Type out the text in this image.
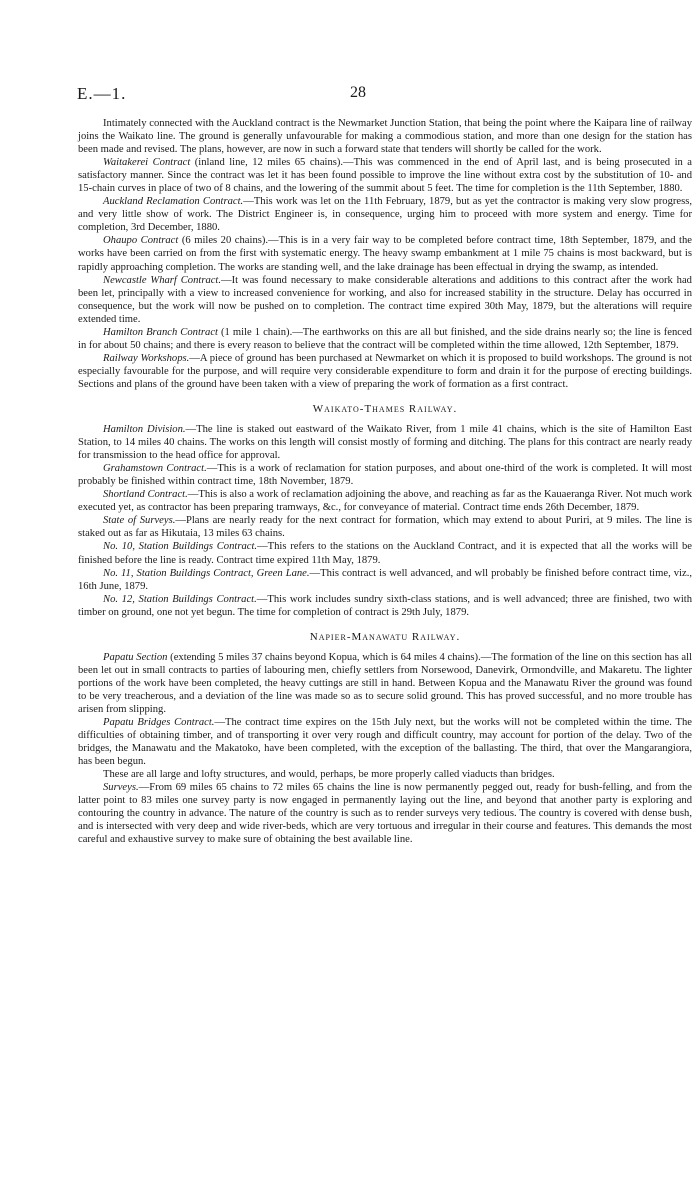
E.—1.	28

Intimately connected with the Auckland contract is the Newmarket Junction Station, that being the point where the Kaipara line of railway joins the Waikato line. The ground is generally unfavourable for making a commodious station, and more than one design for the station has been made and revised. The plans, however, are now in such a forward state that tenders will shortly be called for the work.

Waitakerei Contract (inland line, 12 miles 65 chains).—This was commenced in the end of April last, and is being prosecuted in a satisfactory manner. Since the contract was let it has been found possible to improve the line without extra cost by the substitution of 10- and 15-chain curves in place of two of 8 chains, and the lowering of the summit about 5 feet. The time for completion is the 11th September, 1880.

Auckland Reclamation Contract.—This work was let on the 11th February, 1879, but as yet the contractor is making very slow progress, and very little show of work. The District Engineer is, in consequence, urging him to proceed with more system and energy. Time for completion, 3rd December, 1880.

Ohaupo Contract (6 miles 20 chains).—This is in a very fair way to be completed before contract time, 18th September, 1879, and the works have been carried on from the first with systematic energy. The heavy swamp embankment at 1 mile 75 chains is most backward, but is rapidly approaching completion. The works are standing well, and the lake drainage has been effectual in drying the swamp, as intended.

Newcastle Wharf Contract.—It was found necessary to make considerable alterations and additions to this contract after the work had been let, principally with a view to increased convenience for working, and also for increased stability in the structure. Delay has occurred in consequence, but the work will now be pushed on to completion. The contract time expired 30th May, 1879, but the alterations will require extended time.

Hamilton Branch Contract (1 mile 1 chain).—The earthworks on this are all but finished, and the side drains nearly so; the line is fenced in for about 50 chains; and there is every reason to believe that the contract will be completed within the time allowed, 12th September, 1879.

Railway Workshops.—A piece of ground has been purchased at Newmarket on which it is proposed to build workshops. The ground is not especially favourable for the purpose, and will require very considerable expenditure to form and drain it for the purpose of erecting buildings. Sections and plans of the ground have been taken with a view of preparing the work of formation as a first contract.

Waikato-Thames Railway.

Hamilton Division.—The line is staked out eastward of the Waikato River, from 1 mile 41 chains, which is the site of Hamilton East Station, to 14 miles 40 chains. The works on this length will consist mostly of forming and ditching. The plans for this contract are nearly ready for transmission to the head office for approval.

Grahamstown Contract.—This is a work of reclamation for station purposes, and about one-third of the work is completed. It will most probably be finished within contract time, 18th November, 1879.

Shortland Contract.—This is also a work of reclamation adjoining the above, and reaching as far as the Kauaeranga River. Not much work executed yet, as contractor has been preparing tramways, &c., for conveyance of material. Contract time ends 26th December, 1879.

State of Surveys.—Plans are nearly ready for the next contract for formation, which may extend to about Puriri, at 9 miles. The line is staked out as far as Hikutaia, 13 miles 63 chains.

No. 10, Station Buildings Contract.—This refers to the stations on the Auckland Contract, and it is expected that all the works will be finished before the line is ready. Contract time expired 11th May, 1879.

No. 11, Station Buildings Contract, Green Lane.—This contract is well advanced, and wll probably be finished before contract time, viz., 16th June, 1879.

No. 12, Station Buildings Contract.—This work includes sundry sixth-class stations, and is well advanced; three are finished, two with timber on ground, one not yet begun. The time for completion of contract is 29th July, 1879.

Napier-Manawatu Railway.

Papatu Section (extending 5 miles 37 chains beyond Kopua, which is 64 miles 4 chains).—The formation of the line on this section has all been let out in small contracts to parties of labouring men, chiefly settlers from Norsewood, Danevirk, Ormondville, and Makaretu. The lighter portions of the work have been completed, the heavy cuttings are still in hand. Between Kopua and the Manawatu River the ground was found to be very treacherous, and a deviation of the line was made so as to secure solid ground. This has proved successful, and no more trouble has arisen from slipping.

Papatu Bridges Contract.—The contract time expires on the 15th July next, but the works will not be completed within the time. The difficulties of obtaining timber, and of transporting it over very rough and difficult country, may account for portion of the delay. Two of the bridges, the Manawatu and the Makatoko, have been completed, with the exception of the ballasting. The third, that over the Mangarangiora, has been begun.

These are all large and lofty structures, and would, perhaps, be more properly called viaducts than bridges.

Surveys.—From 69 miles 65 chains to 72 miles 65 chains the line is now permanently pegged out, ready for bush-felling, and from the latter point to 83 miles one survey party is now engaged in permanently laying out the line, and beyond that another party is exploring and contouring the country in advance. The nature of the country is such as to render surveys very tedious. The country is covered with dense bush, and is intersected with very deep and wide river-beds, which are very tortuous and irregular in their course and features. This demands the most careful and exhaustive survey to make sure of obtaining the best available line.
